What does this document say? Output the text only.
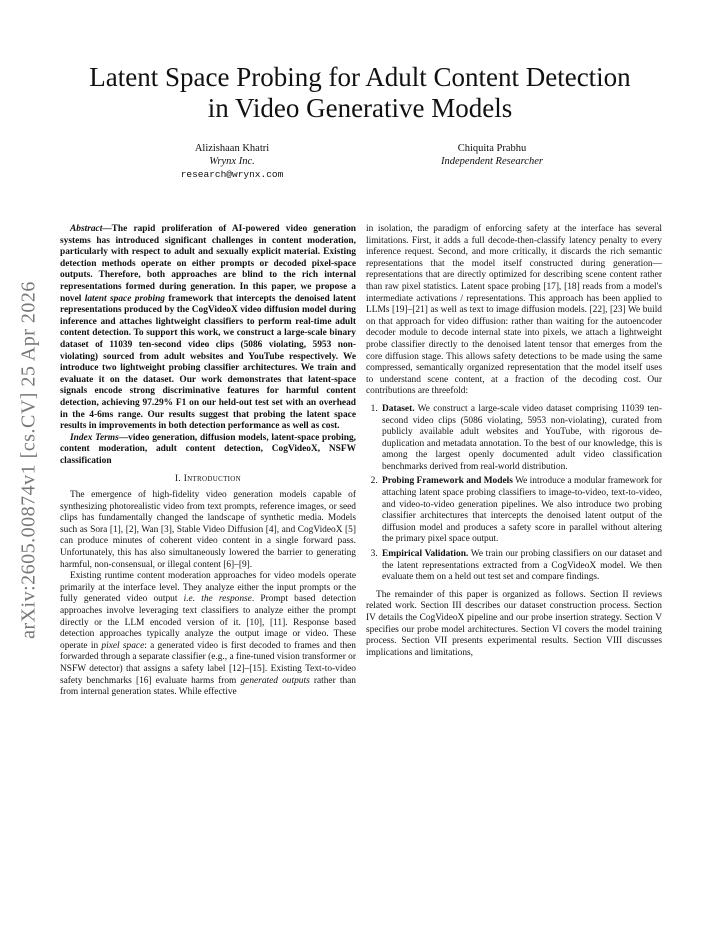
arXiv:2605.00874v1 [cs.CV] 25 Apr 2026
Latent Space Probing for Adult Content Detection
in Video Generative Models
Alizishaan Khatri
Wrynx Inc.
research@wrynx.com
Chiquita Prabhu
Independent Researcher

Abstract—The rapid proliferation of AI-powered video generation systems has introduced significant challenges in content moderation, particularly with respect to adult and sexually explicit material. Existing detection methods operate on either prompts or decoded pixel-space outputs. Therefore, both approaches are blind to the rich internal representations formed during generation. In this paper, we propose a novel latent space probing framework that intercepts the denoised latent representations produced by the CogVideoX video diffusion model during inference and attaches lightweight classifiers to perform real-time adult content detection. To support this work, we construct a large-scale binary dataset of 11039 ten-second video clips (5086 violating, 5953 non-violating) sourced from adult websites and YouTube respectively. We introduce two lightweight probing classifier architectures. We train and evaluate it on the dataset. Our work demonstrates that latent-space signals encode strong discriminative features for harmful content detection, achieving 97.29% F1 on our held-out test set with an overhead in the 4-6ms range. Our results suggest that probing the latent space results in improvements in both detection performance as well as cost.

Index Terms—video generation, diffusion models, latent-space probing, content moderation, adult content detection, CogVideoX, NSFW classification

I. Introduction

The emergence of high-fidelity video generation models capable of synthesizing photorealistic video from text prompts, reference images, or seed clips has fundamentally changed the landscape of synthetic media. Models such as Sora [1], [2], Wan [3], Stable Video Diffusion [4], and CogVideoX [5] can produce minutes of coherent video content in a single forward pass. Unfortunately, this has also simultaneously lowered the barrier to generating harmful, non-consensual, or illegal content [6]–[9].

Existing runtime content moderation approaches for video models operate primarily at the interface level. They analyze either the input prompts or the fully generated video output i.e. the response. Prompt based detection approaches involve leveraging text classifiers to analyze either the prompt directly or the LLM encoded version of it. [10], [11]. Response based detection approaches typically analyze the output image or video. These operate in pixel space: a generated video is first decoded to frames and then forwarded through a separate classifier (e.g., a fine-tuned vision transformer or NSFW detector) that assigns a safety label [12]–[15]. Existing Text-to-video safety benchmarks [16] evaluate harms from generated outputs rather than from internal generation states. While effective

in isolation, the paradigm of enforcing safety at the interface has several limitations. First, it adds a full decode-then-classify latency penalty to every inference request. Second, and more critically, it discards the rich semantic representations that the model itself constructed during generation—representations that are directly optimized for describing scene content rather than raw pixel statistics. Latent space probing [17], [18] reads from a model's intermediate activations / representations. This approach has been applied to LLMs [19]–[21] as well as text to image diffusion models. [22], [23] We build on that approach for video diffusion: rather than waiting for the autoencoder decoder module to decode internal state into pixels, we attach a lightweight probe classifier directly to the denoised latent tensor that emerges from the core diffusion stage. This allows safety detections to be made using the same compressed, semantically organized representation that the model itself uses to understand scene content, at a fraction of the decoding cost. Our contributions are threefold:

1. Dataset. We construct a large-scale video dataset comprising 11039 ten-second video clips (5086 violating, 5953 non-violating), curated from publicly available adult websites and YouTube, with rigorous de-duplication and metadata annotation. To the best of our knowledge, this is among the largest openly documented adult video classification benchmarks derived from real-world distribution.
2. Probing Framework and Models We introduce a modular framework for attaching latent space probing classifiers to image-to-video, text-to-video, and video-to-video generation pipelines. We also introduce two probing classifier architectures that intercepts the denoised latent output of the diffusion model and produces a safety score in parallel without altering the primary pixel space output.
3. Empirical Validation. We train our probing classifiers on our dataset and the latent representations extracted from a CogVideoX model. We then evaluate them on a held out test set and compare findings.

The remainder of this paper is organized as follows. Section II reviews related work. Section III describes our dataset construction process. Section IV details the CogVideoX pipeline and our probe insertion strategy. Section V specifies our probe model architectures. Section VI covers the model training process. Section VII presents experimental results. Section VIII discusses implications and limitations,
